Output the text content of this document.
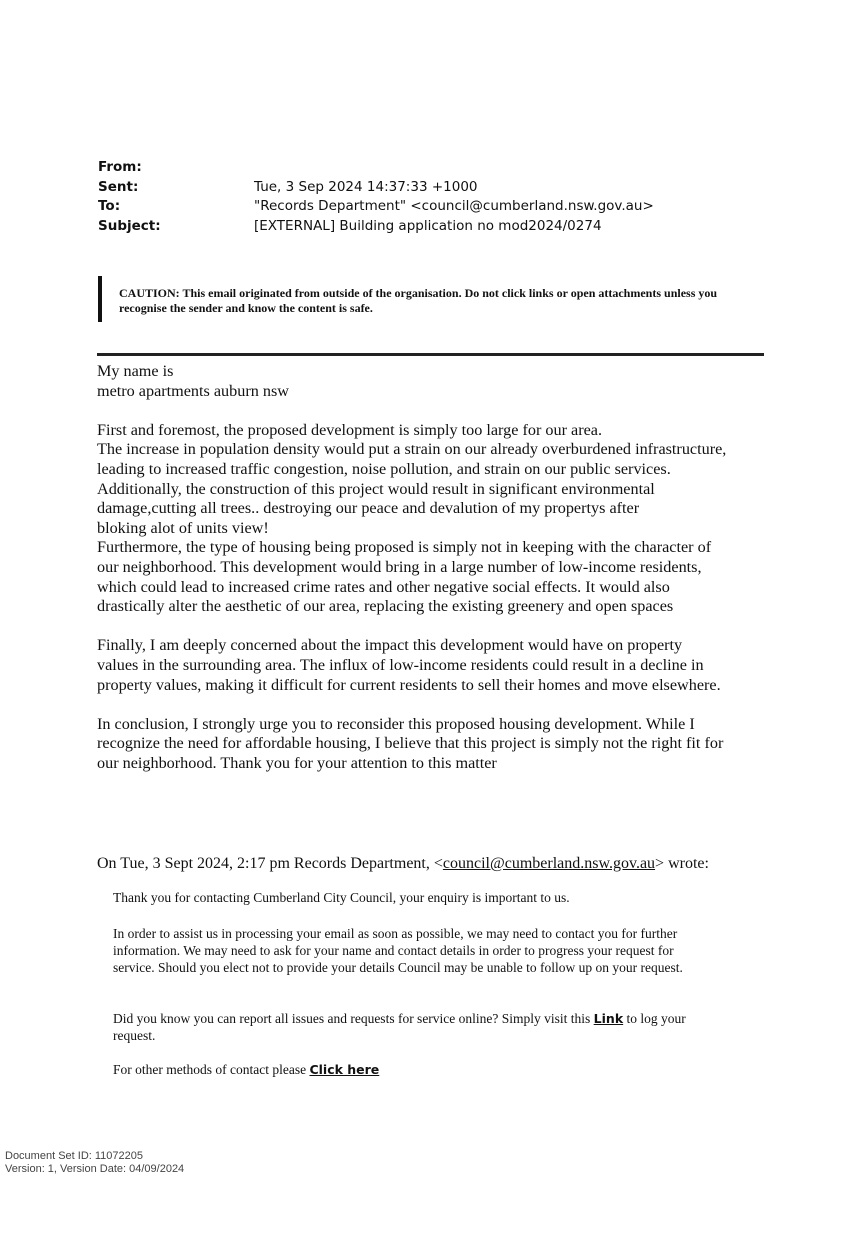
From:
Sent:	Tue, 3 Sep 2024 14:37:33 +1000
To:	"Records Department" <council@cumberland.nsw.gov.au>
Subject:	[EXTERNAL] Building application no mod2024/0274
CAUTION: This email originated from outside of the organisation. Do not click links or open attachments unless you
recognise the sender and know the content is safe.

My name is

metro apartments auburn nsw

First and foremost, the proposed development is simply too large for our area.

The increase in population density would put a strain on our already overburdened infrastructure,

leading to increased traffic congestion, noise pollution, and strain on our public services.

Additionally, the construction of this project would result in significant environmental

damage,cutting all trees.. destroying our peace and devalution of my propertys after

bloking alot of units view!

Furthermore, the type of housing being proposed is simply not in keeping with the character of

our neighborhood. This development would bring in a large number of low-income residents,

which could lead to increased crime rates and other negative social effects. It would also

drastically alter the aesthetic of our area, replacing the existing greenery and open spaces

Finally, I am deeply concerned about the impact this development would have on property

values in the surrounding area. The influx of low-income residents could result in a decline in

property values, making it difficult for current residents to sell their homes and move elsewhere.

In conclusion, I strongly urge you to reconsider this proposed housing development. While I

recognize the need for affordable housing, I believe that this project is simply not the right fit for

our neighborhood. Thank you for your attention to this matter

On Tue, 3 Sept 2024, 2:17 pm Records Department, <council@cumberland.nsw.gov.au> wrote:

Thank you for contacting Cumberland City Council, your enquiry is important to us.

In order to assist us in processing your email as soon as possible, we may need to contact you for further

information. We may need to ask for your name and contact details in order to progress your request for

service. Should you elect not to provide your details Council may be unable to follow up on your request.

Did you know you can report all issues and requests for service online? Simply visit this Link to log your

request.

For other methods of contact please Click here

Document Set ID: 11072205
Version: 1, Version Date: 04/09/2024
